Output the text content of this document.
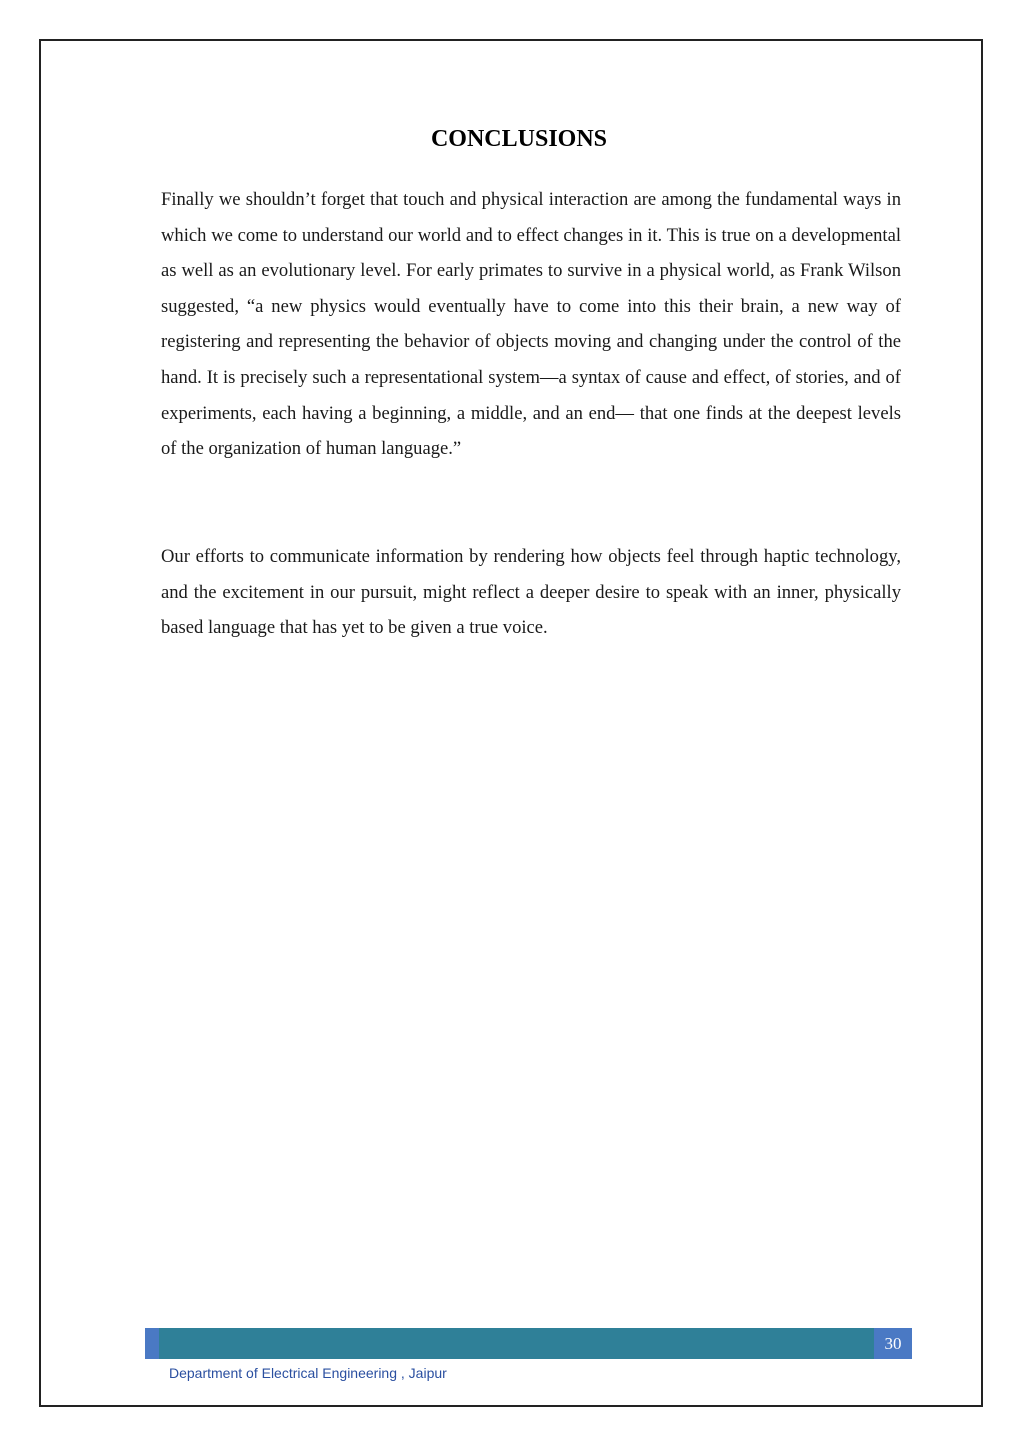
CONCLUSIONS

Finally we shouldn’t forget that touch and physical interaction are among the fundamental ways in which we come to understand our world and to effect changes in it. This is true on a developmental as well as an evolutionary level. For early primates to survive in a physical world, as Frank Wilson suggested, “a new physics would eventually have to come into this their brain, a new way of registering and representing the behavior of objects moving and changing under the control of the hand. It is precisely such a representational system—a syntax of cause and effect, of stories, and of experiments, each having a beginning, a middle, and an end— that one finds at the deepest levels of the organization of human language.”

Our efforts to communicate information by rendering how objects feel through haptic technology, and the excitement in our pursuit, might reflect a deeper desire to speak with an inner, physically based language that has yet to be given a true voice.

30
Department of Electrical Engineering , Jaipur
